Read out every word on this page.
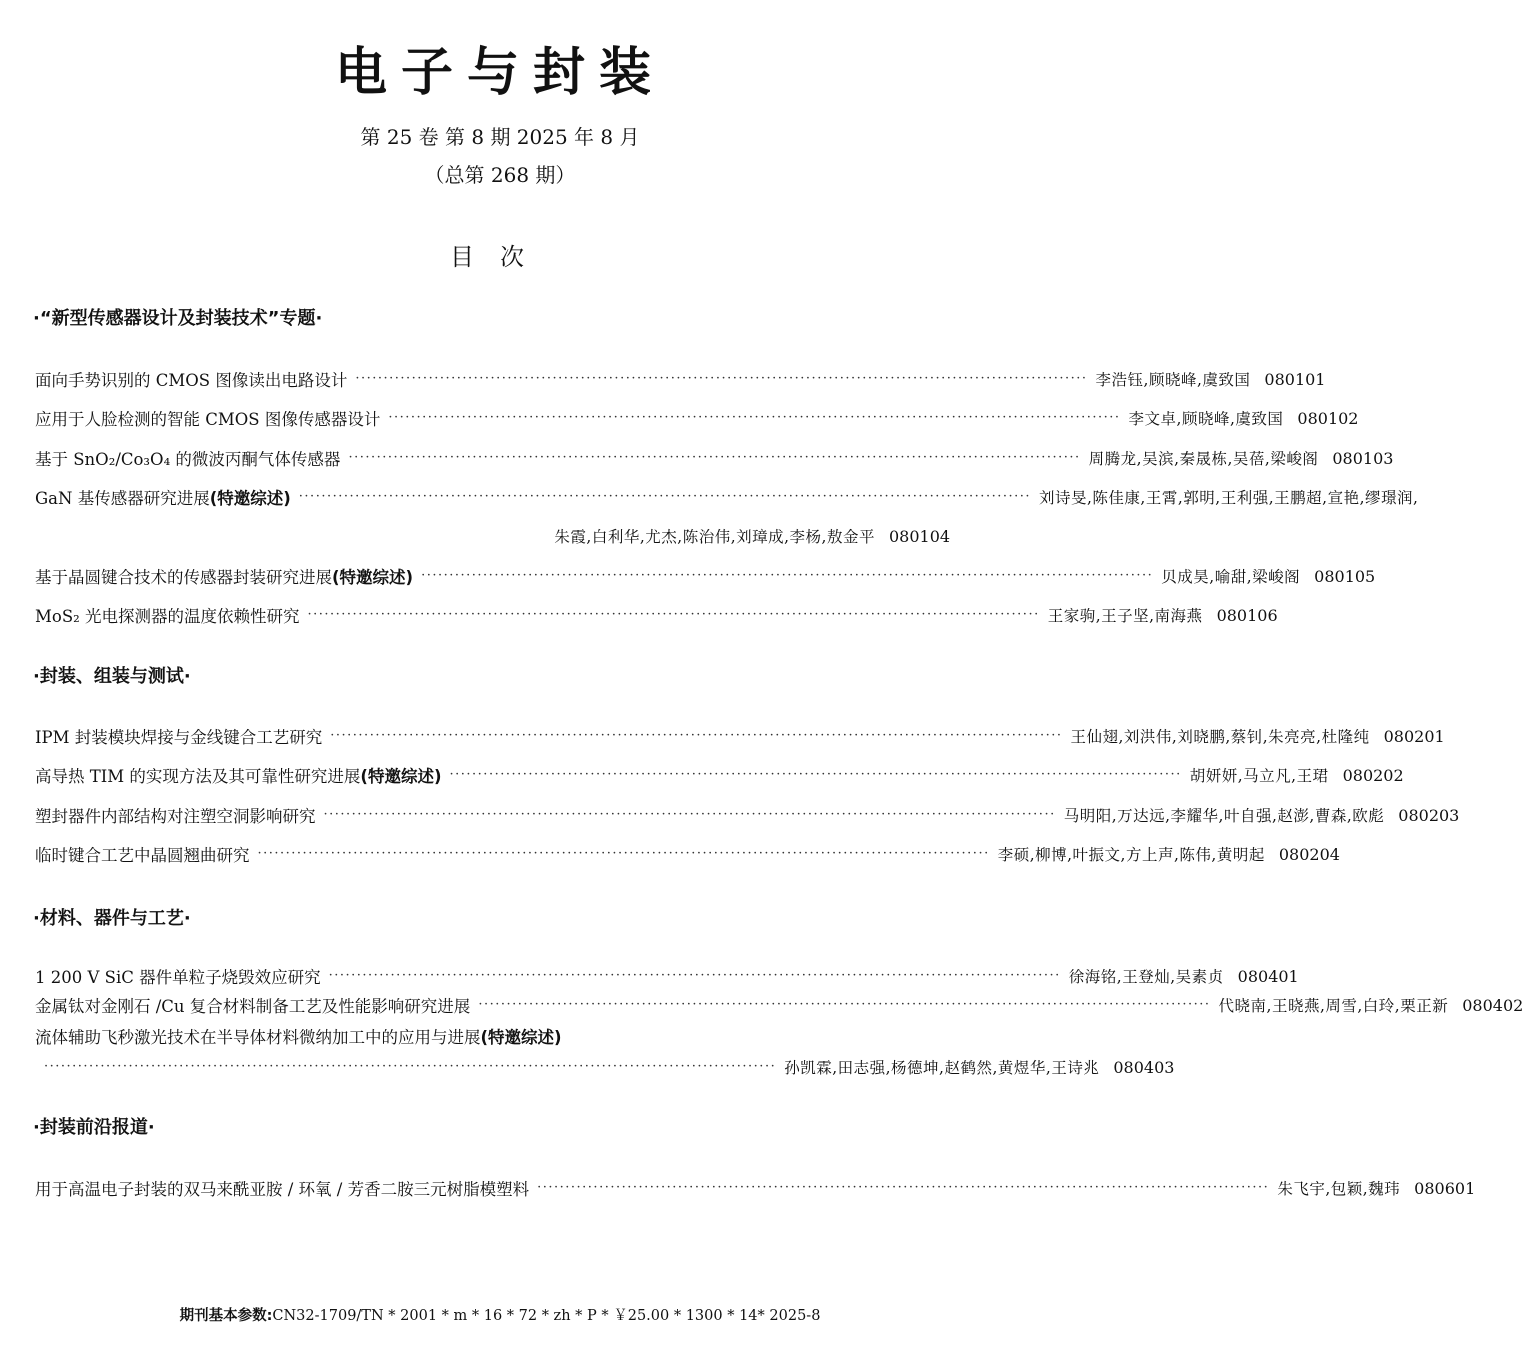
电子与封装
第 25 卷 第 8 期 2025 年 8 月
（总第 268 期）
目次
·“新型传感器设计及封装技术”专题·
面向手势识别的 CMOS 图像读出电路设计 ·································································································································· 李浩钰,顾晓峰,虞致国 080101
应用于人脸检测的智能 CMOS 图像传感器设计 ·································································································································· 李文卓,顾晓峰,虞致国 080102
基于 SnO₂/Co₃O₄ 的微波丙酮气体传感器 ·································································································································· 周腾龙,吴滨,秦晟栋,吴蓓,梁峻阁 080103
GaN 基传感器研究进展(特邀综述) ·································································································································· 刘诗旻,陈佳康,王霄,郭明,王利强,王鹏超,宣艳,缪璟润,
朱霞,白利华,尤杰,陈治伟,刘璋成,李杨,敖金平 080104
基于晶圆键合技术的传感器封装研究进展(特邀综述) ·································································································································· 贝成昊,喻甜,梁峻阁 080105
MoS₂ 光电探测器的温度依赖性研究 ·································································································································· 王家驹,王子坚,南海燕 080106
·封装、组装与测试·
IPM 封装模块焊接与金线键合工艺研究 ·································································································································· 王仙翅,刘洪伟,刘晓鹏,蔡钊,朱亮亮,杜隆纯 080201
高导热 TIM 的实现方法及其可靠性研究进展(特邀综述) ·································································································································· 胡妍妍,马立凡,王珺 080202
塑封器件内部结构对注塑空洞影响研究 ·································································································································· 马明阳,万达远,李耀华,叶自强,赵澎,曹森,欧彪 080203
临时键合工艺中晶圆翘曲研究 ·································································································································· 李硕,柳博,叶振文,方上声,陈伟,黄明起 080204
·材料、器件与工艺·
1 200 V SiC 器件单粒子烧毁效应研究 ·································································································································· 徐海铭,王登灿,吴素贞 080401
金属钛对金刚石 /Cu 复合材料制备工艺及性能影响研究进展 ·································································································································· 代晓南,王晓燕,周雪,白玲,栗正新 080402
流体辅助飞秒激光技术在半导体材料微纳加工中的应用与进展(特邀综述)
·································································································································· 孙凯霖,田志强,杨德坤,赵鹤然,黄煜华,王诗兆 080403
·封装前沿报道·
用于高温电子封装的双马来酰亚胺 / 环氧 / 芳香二胺三元树脂模塑料 ·································································································································· 朱飞宇,包颖,魏玮 080601
期刊基本参数:CN32-1709/TN * 2001 * m * 16 * 72 * zh * P * ￥25.00 * 1300 * 14* 2025-8
